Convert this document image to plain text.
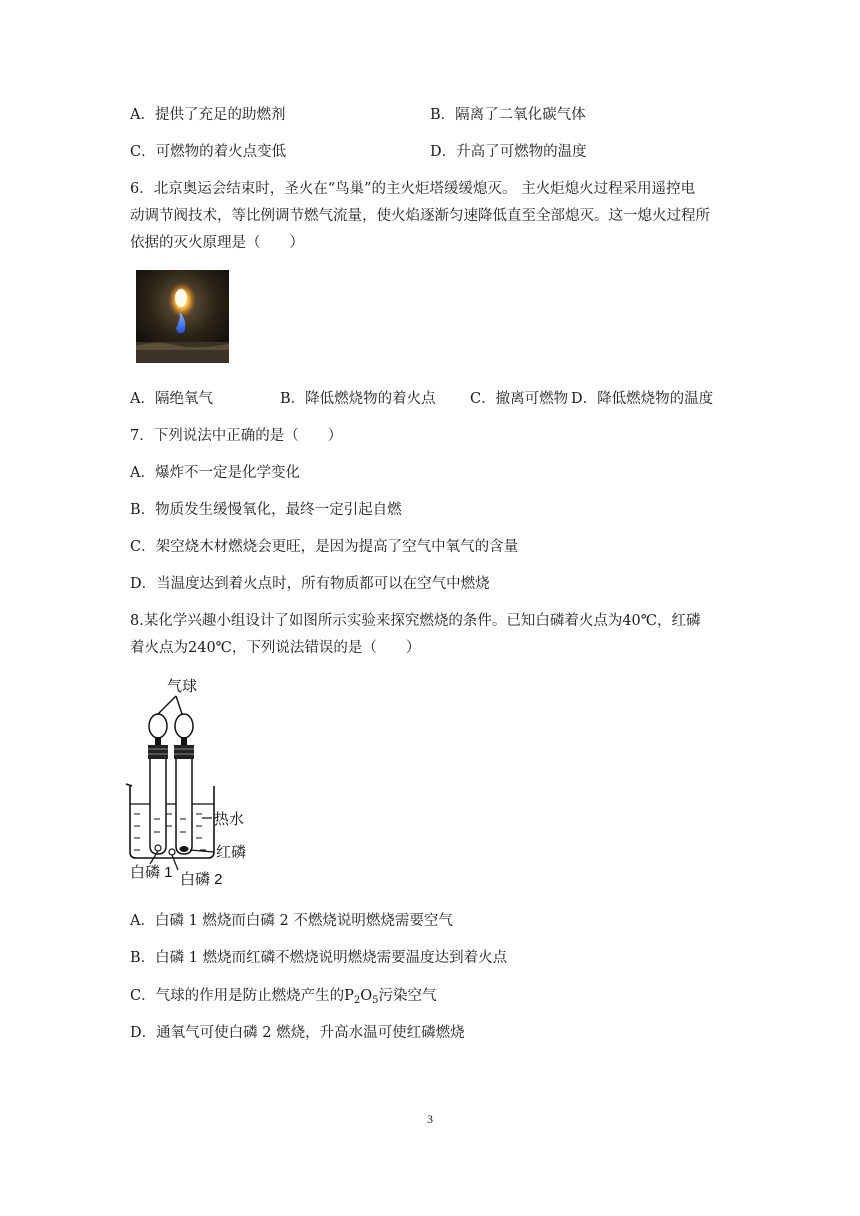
A．提供了充足的助燃剂	B．隔离了二氧化碳气体
C．可燃物的着火点变低	D．升高了可燃物的温度
6．北京奥运会结束时，圣火在“鸟巢”的主火炬塔缓缓熄灭。 主火炬熄火过程采用遥控电
动调节阀技术，等比例调节燃气流量，使火焰逐渐匀速降低直至全部熄灭。这一熄火过程所
依据的灭火原理是（　　）
A．隔绝氧气	B．降低燃烧物的着火点 C．撤离可燃物 D．降低燃烧物的温度
7．下列说法中正确的是（　　）
A．爆炸不一定是化学变化
B．物质发生缓慢氧化，最终一定引起自燃
C．架空烧木材燃烧会更旺，是因为提高了空气中氧气的含量
D．当温度达到着火点时，所有物质都可以在空气中燃烧
8.某化学兴趣小组设计了如图所示实验来探究燃烧的条件。已知白磷着火点为40℃，红磷
着火点为240℃，下列说法错误的是（　　）
气球
热水
红磷
白磷 1 白磷 2
A．白磷 1 燃烧而白磷 2 不燃烧说明燃烧需要空气
B．白磷 1 燃烧而红磷不燃烧说明燃烧需要温度达到着火点
C．气球的作用是防止燃烧产生的$P_2O_5$污染空气
D．通氧气可使白磷 2 燃烧，升高水温可使红磷燃烧
3
